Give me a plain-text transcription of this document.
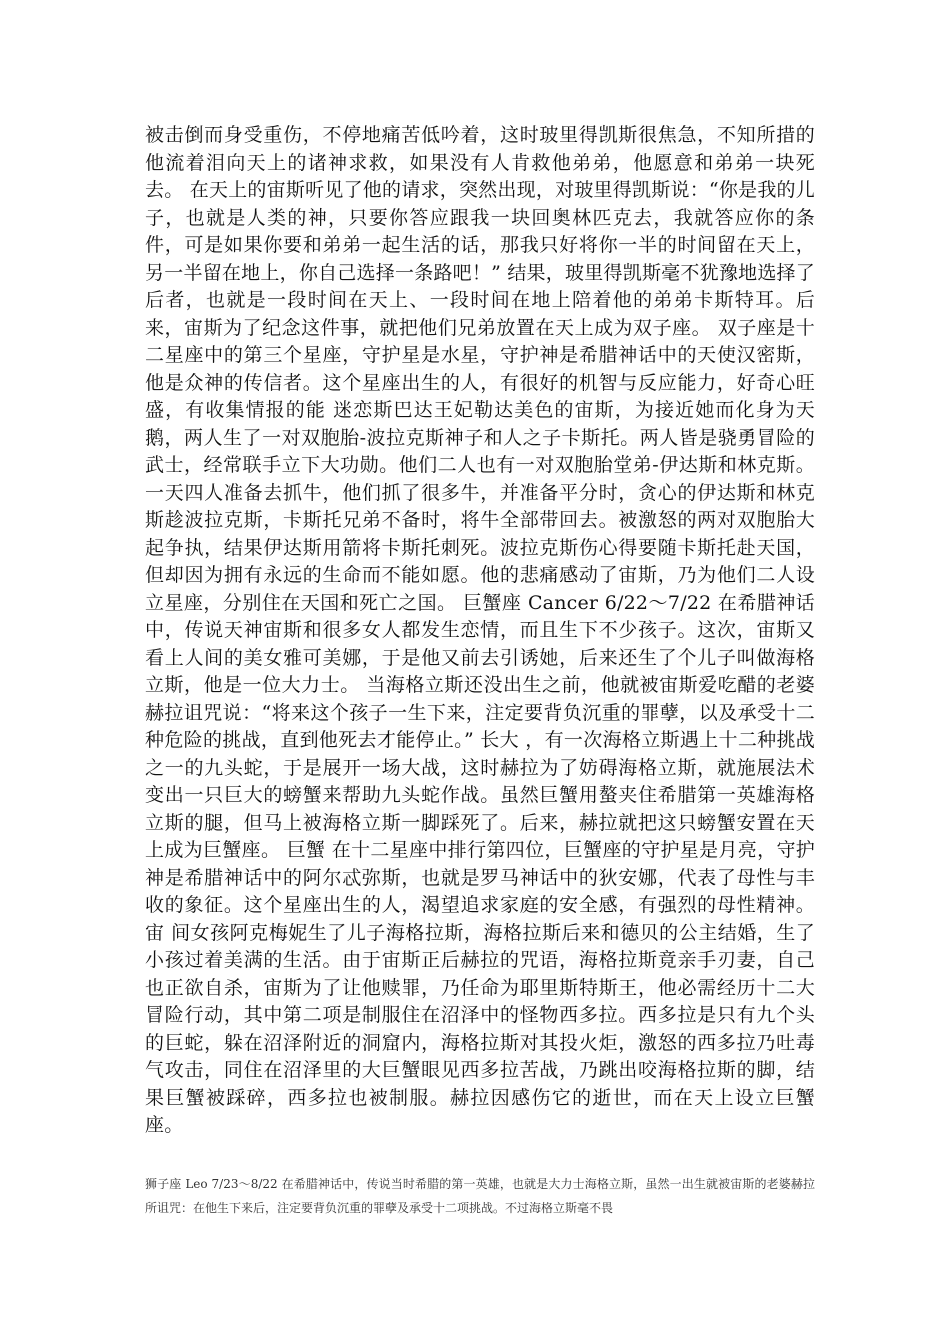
被击倒而身受重伤，不停地痛苦低吟着，这时玻里得凯斯很焦急，不知所措的他流着泪向天上的诸神求救，如果没有人肯救他弟弟，他愿意和弟弟一块死去。 在天上的宙斯听见了他的请求，突然出现，对玻里得凯斯说：“你是我的儿子，也就是人类的神，只要你答应跟我一块回奥林匹克去，我就答应你的条件，可是如果你要和弟弟一起生活的话，那我只好将你一半的时间留在天上，另一半留在地上，你自己选择一条路吧！” 结果，玻里得凯斯毫不犹豫地选择了后者，也就是一段时间在天上、一段时间在地上陪着他的弟弟卡斯特耳。后来，宙斯为了纪念这件事，就把他们兄弟放置在天上成为双子座。 双子座是十二星座中的第三个星座，守护星是水星，守护神是希腊神话中的天使汉密斯，他是众神的传信者。这个星座出生的人，有很好的机智与反应能力，好奇心旺盛，有收集情报的能 迷恋斯巴达王妃勒达美色的宙斯，为接近她而化身为天鹅，两人生了一对双胞胎-波拉克斯神子和人之子卡斯托。两人皆是骁勇冒险的武士，经常联手立下大功勋。他们二人也有一对双胞胎堂弟-伊达斯和林克斯。一天四人准备去抓牛，他们抓了很多牛，并准备平分时，贪心的伊达斯和林克斯趁波拉克斯，卡斯托兄弟不备时，将牛全部带回去。被激怒的两对双胞胎大起争执，结果伊达斯用箭将卡斯托刺死。波拉克斯伤心得要随卡斯托赴天国，但却因为拥有永远的生命而不能如愿。他的悲痛感动了宙斯，乃为他们二人设立星座，分别住在天国和死亡之国。 巨蟹座 Cancer 6/22～7/22 在希腊神话中，传说天神宙斯和很多女人都发生恋情，而且生下不少孩子。这次，宙斯又看上人间的美女雅可美娜，于是他又前去引诱她，后来还生了个儿子叫做海格立斯，他是一位大力士。 当海格立斯还没出生之前，他就被宙斯爱吃醋的老婆赫拉诅咒说：“将来这个孩子一生下来，注定要背负沉重的罪孽，以及承受十二种危险的挑战，直到他死去才能停止。” 长大 ，有一次海格立斯遇上十二种挑战之一的九头蛇，于是展开一场大战，这时赫拉为了妨碍海格立斯，就施展法术变出一只巨大的螃蟹来帮助九头蛇作战。虽然巨蟹用螯夹住希腊第一英雄海格立斯的腿，但马上被海格立斯一脚踩死了。后来，赫拉就把这只螃蟹安置在天上成为巨蟹座。 巨蟹 在十二星座中排行第四位，巨蟹座的守护星是月亮，守护神是希腊神话中的阿尔忒弥斯，也就是罗马神话中的狄安娜，代表了母性与丰收的象征。这个星座出生的人，渴望追求家庭的安全感，有强烈的母性精神。 宙 间女孩阿克梅妮生了儿子海格拉斯，海格拉斯后来和德贝的公主结婚，生了小孩过着美满的生活。由于宙斯正后赫拉的咒语，海格拉斯竟亲手刃妻，自己也正欲自杀，宙斯为了让他赎罪，乃任命为耶里斯特斯王，他必需经历十二大冒险行动，其中第二项是制服住在沼泽中的怪物西多拉。西多拉是只有九个头的巨蛇，躲在沼泽附近的洞窟内，海格拉斯对其投火炬，激怒的西多拉乃吐毒气攻击，同住在沼泽里的大巨蟹眼见西多拉苦战，乃跳出咬海格拉斯的脚，结果巨蟹被踩碎，西多拉也被制服。赫拉因感伤它的逝世，而在天上设立巨蟹座。

狮子座 Leo 7/23～8/22 在希腊神话中，传说当时希腊的第一英雄，也就是大力士海格立斯，虽然一出生就被宙斯的老婆赫拉所诅咒：在他生下来后，注定要背负沉重的罪孽及承受十二项挑战。不过海格立斯毫不畏
